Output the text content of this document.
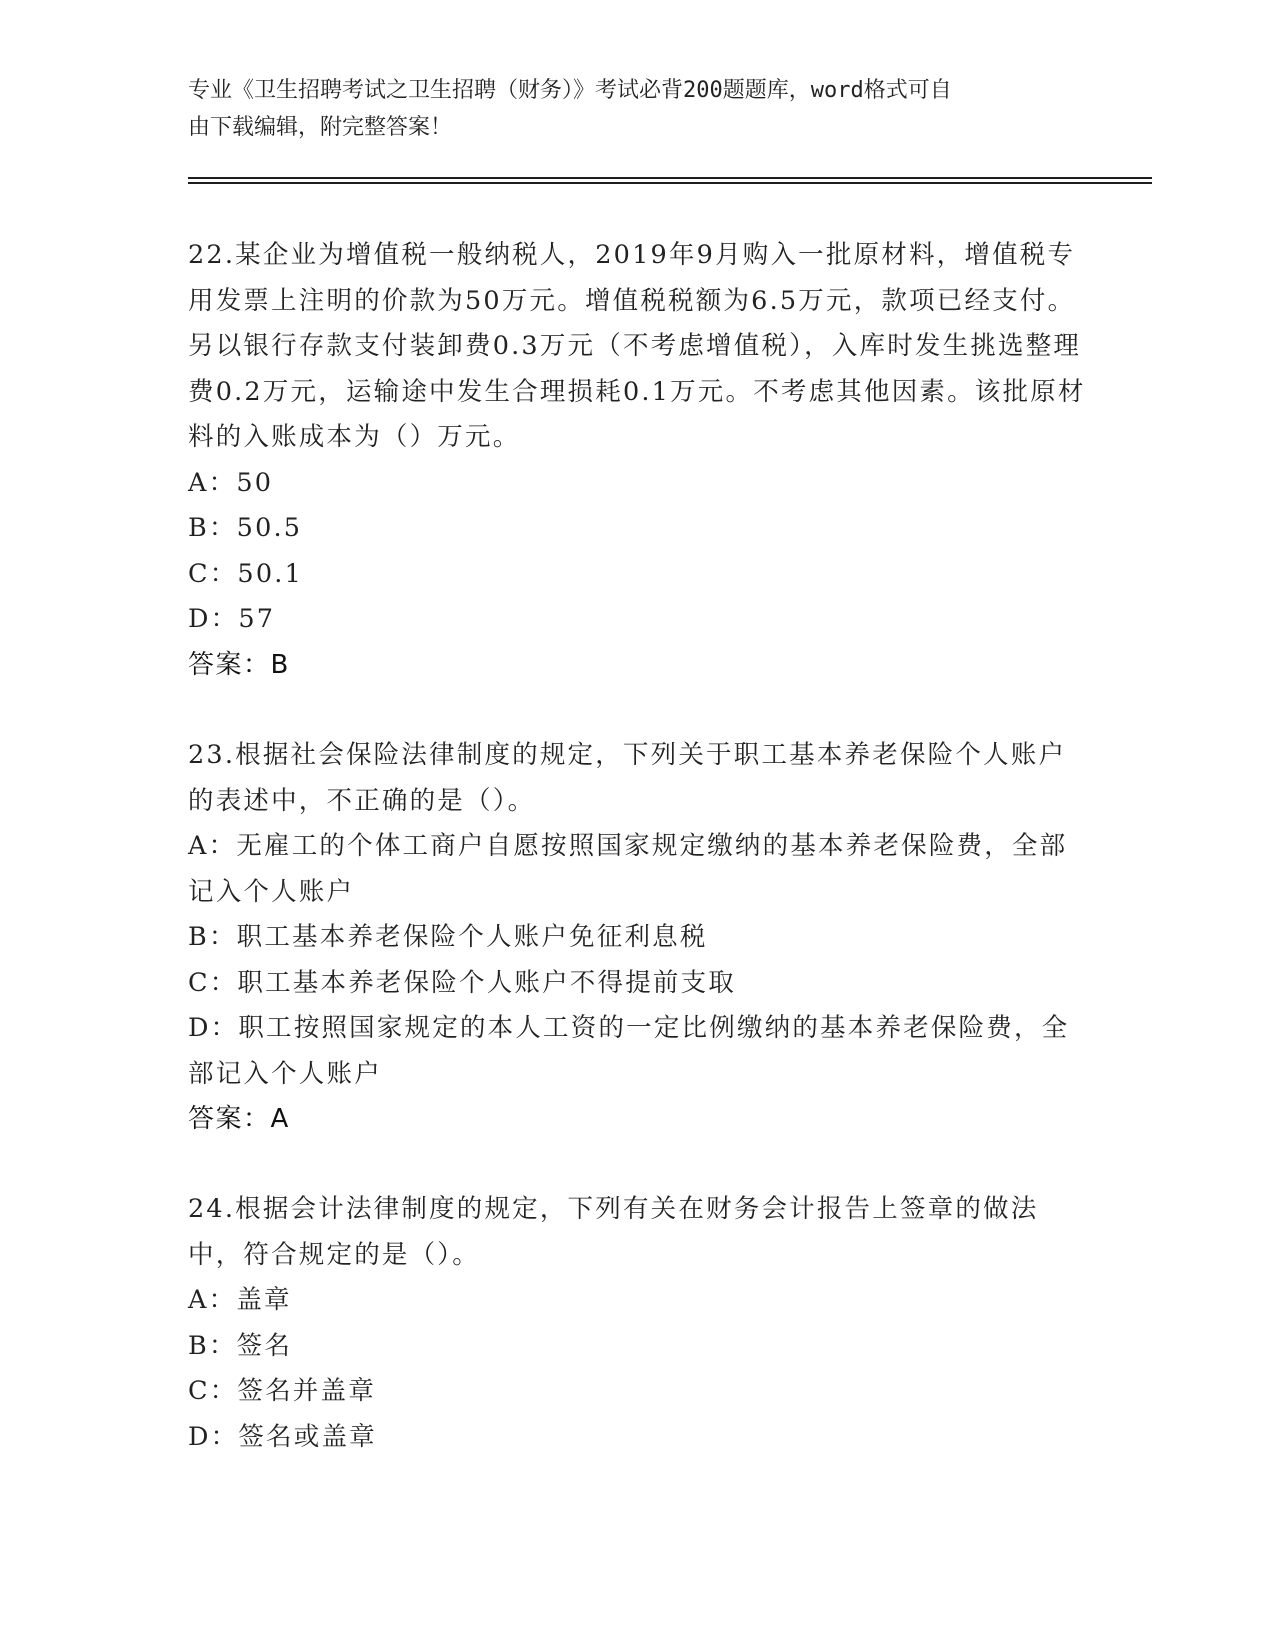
专业《卫生招聘考试之卫生招聘（财务）》考试必背200题题库，word格式可自
由下载编辑，附完整答案！

22.某企业为增值税一般纳税人，2019年9月购入一批原材料，增值税专用发票上注明的价款为50万元。增值税税额为6.5万元，款项已经支付。另以银行存款支付装卸费0.3万元（不考虑增值税），入库时发生挑选整理费0.2万元，运输途中发生合理损耗0.1万元。不考虑其他因素。该批原材料的入账成本为（）万元。

A：50

B：50.5

C：50.1

D：57

答案：B

23.根据社会保险法律制度的规定，下列关于职工基本养老保险个人账户的表述中，不正确的是（）。

A：无雇工的个体工商户自愿按照国家规定缴纳的基本养老保险费，全部记入个人账户

B：职工基本养老保险个人账户免征利息税

C：职工基本养老保险个人账户不得提前支取

D：职工按照国家规定的本人工资的一定比例缴纳的基本养老保险费，全部记入个人账户

答案：A

24.根据会计法律制度的规定，下列有关在财务会计报告上签章的做法中，符合规定的是（）。

A：盖章

B：签名

C：签名并盖章

D：签名或盖章
